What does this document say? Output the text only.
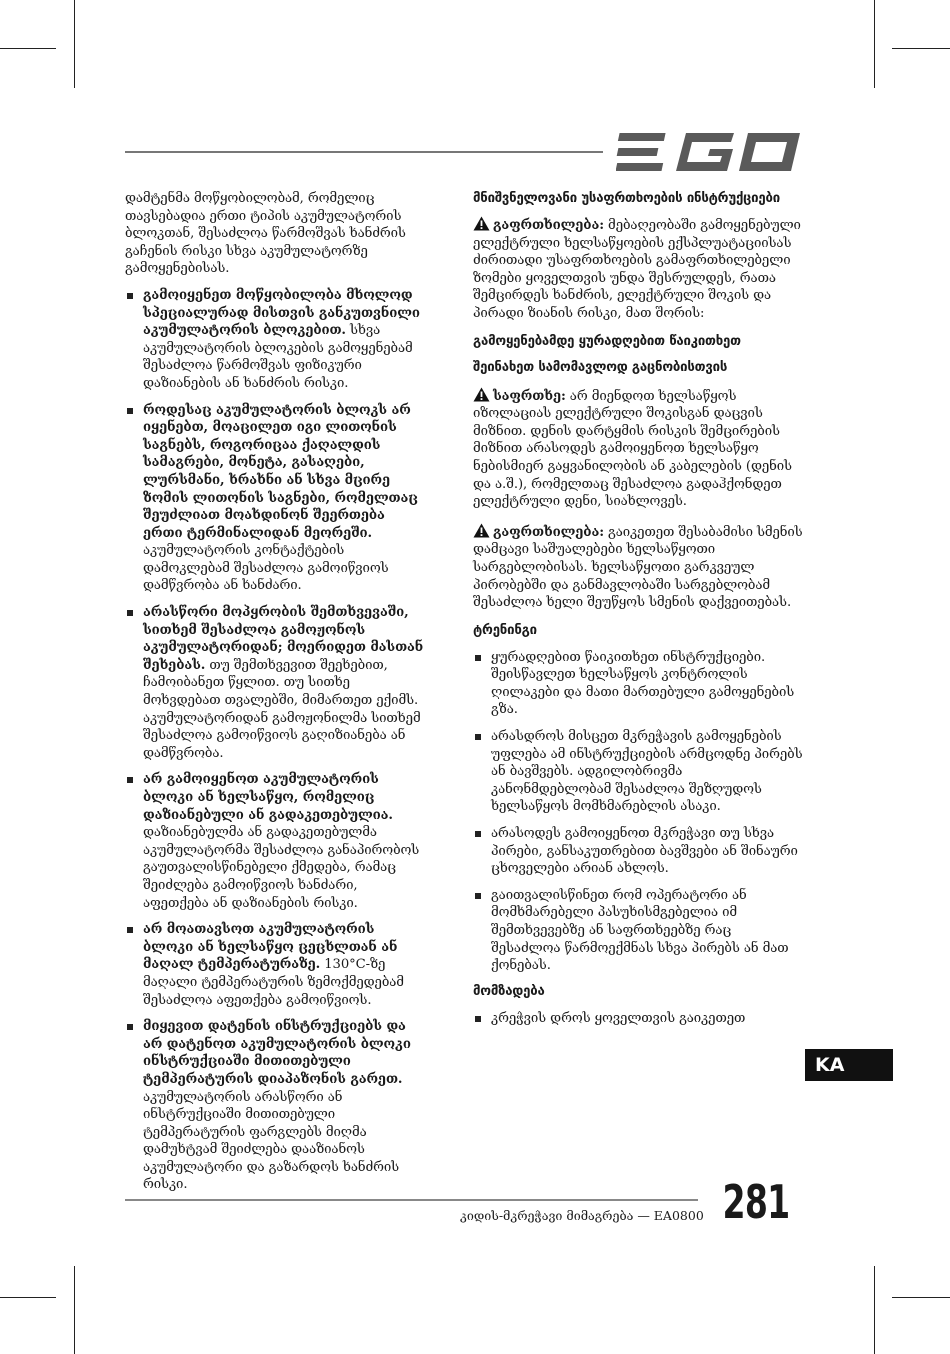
დამტენმა მოწყობილობამ, რომელიც თავსებადია ერთი ტიპის აკუმულატორის ბლოკთან, შესაძლოა წარმოშვას ხანძრის გაჩენის რისკი სხვა აკუმულატორზე გამოყენებისას.

გამოიყენეთ მოწყობილობა მხოლოდ სპეციალურად მისთვის განკუთვნილი აკუმულატორის ბლოკებით. სხვა აკუმულატორის ბლოკების გამოყენებამ შესაძლოა წარმოშვას ფიზიკური დაზიანების ან ხანძრის რისკი.
როდესაც აკუმულატორის ბლოკს არ იყენებთ, მოაცილეთ იგი ლითონის საგნებს, როგორიცაა ქაღალდის სამაგრები, მონეტა, გასაღები, ლურსმანი, ხრახნი ან სხვა მცირე ზომის ლითონის საგნები, რომელთაც შეუძლიათ მოახდინონ შეერთება ერთი ტერმინალიდან მეორეში. აკუმულატორის კონტაქტების დამოკლებამ შესაძლოა გამოიწვიოს დამწვრობა ან ხანძარი.
არასწორი მოპყრობის შემთხვევაში, სითხემ შესაძლოა გამოჟონოს აკუმულატორიდან; მოერიდეთ მასთან შეხებას. თუ შემთხვევით შეეხებით, ჩამოიბანეთ წყლით. თუ სითხე მოხვდებათ თვალებში, მიმართეთ ექიმს. აკუმულატორიდან გამოჟონილმა სითხემ შესაძლოა გამოიწვიოს გაღიზიანება ან დამწვრობა.
არ გამოიყენოთ აკუმულატორის ბლოკი ან ხელსაწყო, რომელიც დაზიანებული ან გადაკეთებულია. დაზიანებულმა ან გადაკეთებულმა აკუმულატორმა შესაძლოა განაპირობოს გაუთვალისწინებელი ქმედება, რამაც შეიძლება გამოიწვიოს ხანძარი, აფეთქება ან დაზიანების რისკი.
არ მოათავსოთ აკუმულატორის ბლოკი ან ხელსაწყო ცეცხლთან ან მაღალ ტემპერატურაზე. 130°C-ზე მაღალი ტემპერატურის ზემოქმედებამ შესაძლოა აფეთქება გამოიწვიოს.
მიყევით დატენის ინსტრუქციებს და არ დატენოთ აკუმულატორის ბლოკი ინსტრუქციაში მითითებული ტემპერატურის დიაპაზონის გარეთ. აკუმულატორის არასწორი ან ინსტრუქციაში მითითებული ტემპერატურის ფარგლებს მიღმა დამუხტვამ შეიძლება დააზიანოს აკუმულატორი და გაზარდოს ხანძრის რისკი.
მნიშვნელოვანი უსაფრთხოების ინსტრუქციები

გაფრთხილება: მებაღეობაში გამოყენებული ელექტრული ხელსაწყოების ექსპლუატაციისას ძირითადი უსაფრთხოების გამაფრთხილებელი ზომები ყოველთვის უნდა შესრულდეს, რათა შემცირდეს ხანძრის, ელექტრული შოკის და პირადი ზიანის რისკი, მათ შორის:

გამოყენებამდე ყურადღებით წაიკითხეთ
შეინახეთ სამომავლოდ გაცნობისთვის

საფრთხე: არ მიენდოთ ხელსაწყოს იზოლაციას ელექტრული შოკისგან დაცვის მიზნით. დენის დარტყმის რისკის შემცირების მიზნით არასოდეს გამოიყენოთ ხელსაწყო ნებისმიერ გაყვანილობის ან კაბელების (დენის და ა.შ.), რომელთაც შესაძლოა გადაჰქონდეთ ელექტრული დენი, სიახლოვეს.

გაფრთხილება: გაიკეთეთ შესაბამისი სმენის დამცავი საშუალებები ხელსაწყოთი სარგებლობისას. ხელსაწყოთი გარკვეულ პირობებში და განმავლობაში სარგებლობამ შესაძლოა ხელი შეუწყოს სმენის დაქვეითებას.

ტრენინგი
ყურადღებით წაიკითხეთ ინსტრუქციები. შეისწავლეთ ხელსაწყოს კონტროლის ღილაკები და მათი მართებული გამოყენების გზა.
არასდროს მისცეთ მკრეჭავის გამოყენების უფლება ამ ინსტრუქციების არმცოდნე პირებს ან ბავშვებს. ადგილობრივმა კანონმდებლობამ შესაძლოა შეზღუდოს ხელსაწყოს მომხმარებლის ასაკი.
არასოდეს გამოიყენოთ მკრეჭავი თუ სხვა პირები, განსაკუთრებით ბავშვები ან შინაური ცხოველები არიან ახლოს.
გაითვალისწინეთ რომ ოპერატორი ან მომხმარებელი პასუხისმგებელია იმ შემთხვევებზე ან საფრთხეებზე რაც შესაძლოა წარმოექმნას სხვა პირებს ან მათ ქონებას.
მომზადება
კრეჭვის დროს ყოველთვის გაიკეთეთ
KA
კიდის-მკრეჭავი მიმაგრება — EA0800 281
